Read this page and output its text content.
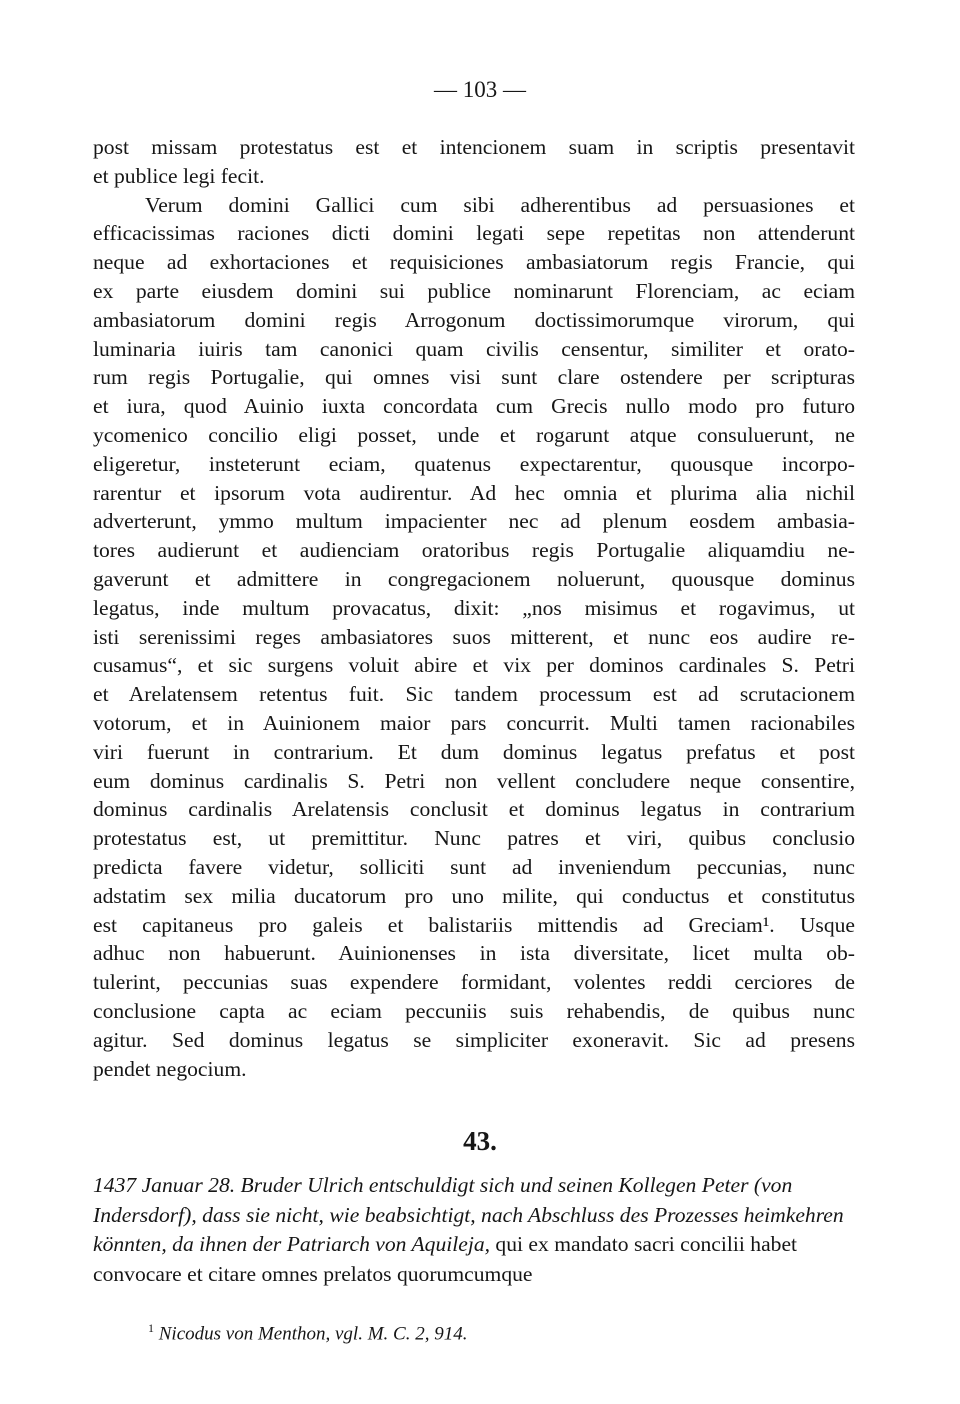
— 103 —
post missam protestatus est et intencionem suam in scriptis presentavit
et publice legi fecit.
Verum domini Gallici cum sibi adherentibus ad persuasiones et
efficacissimas raciones dicti domini legati sepe repetitas non attenderunt
neque ad exhortaciones et requisiciones ambasiatorum regis Francie, qui
ex parte eiusdem domini sui publice nominarunt Florenciam, ac eciam
ambasiatorum domini regis Arrogonum doctissimorumque virorum, qui
luminaria iuiris tam canonici quam civilis censentur, similiter et orato-
rum regis Portugalie, qui omnes visi sunt clare ostendere per scripturas
et iura, quod Auinio iuxta concordata cum Grecis nullo modo pro futuro
ycomenico concilio eligi posset, unde et rogarunt atque consuluerunt, ne
eligeretur, insteterunt eciam, quatenus expectarentur, quousque incorpo-
rarentur et ipsorum vota audirentur. Ad hec omnia et plurima alia nichil
adverterunt, ymmo multum impacienter nec ad plenum eosdem ambasia-
tores audierunt et audienciam oratoribus regis Portugalie aliquamdiu ne-
gaverunt et admittere in congregacionem noluerunt, quousque dominus
legatus, inde multum provacatus, dixit: „nos misimus et rogavimus, ut
isti serenissimi reges ambasiatores suos mitterent, et nunc eos audire re-
cusamus“, et sic surgens voluit abire et vix per dominos cardinales S. Petri
et Arelatensem retentus fuit. Sic tandem processum est ad scrutacionem
votorum, et in Auinionem maior pars concurrit. Multi tamen racionabiles
viri fuerunt in contrarium. Et dum dominus legatus prefatus et post
eum dominus cardinalis S. Petri non vellent concludere neque consentire,
dominus cardinalis Arelatensis conclusit et dominus legatus in contrarium
protestatus est, ut premittitur. Nunc patres et viri, quibus conclusio
predicta favere videtur, solliciti sunt ad inveniendum peccunias, nunc
adstatim sex milia ducatorum pro uno milite, qui conductus et constitutus
est capitaneus pro galeis et balistariis mittendis ad Greciam¹. Usque
adhuc non habuerunt. Auinionenses in ista diversitate, licet multa ob-
tulerint, peccunias suas expendere formidant, volentes reddi cerciores de
conclusione capta ac eciam peccuniis suis rehabendis, de quibus nunc
agitur. Sed dominus legatus se simpliciter exoneravit. Sic ad presens
pendet negocium.
43.
1437 Januar 28. Bruder Ulrich entschuldigt sich und seinen Kollegen Peter (von Indersdorf), dass sie nicht, wie beabsichtigt, nach Abschluss des Prozesses heimkehren könnten, da ihnen der Patriarch von Aquileja, qui ex mandato sacri concilii habet convocare et citare omnes prelatos quorumcumque
$^1$ Nicodus von Menthon, vgl. M. C. 2, 914.
